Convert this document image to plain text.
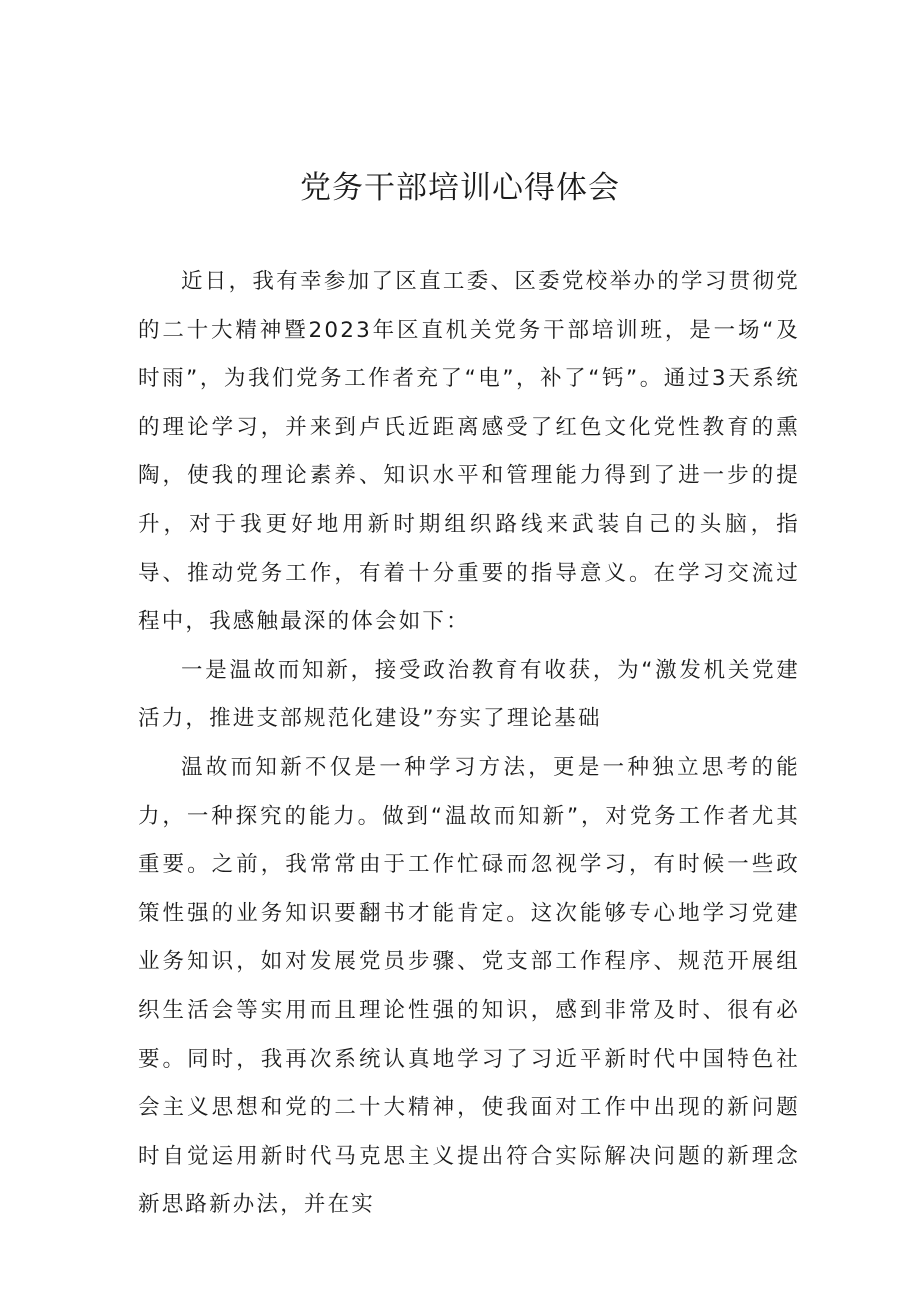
党务干部培训心得体会

近日，我有幸参加了区直工委、区委党校举办的学习贯彻党的二十大精神暨2023年区直机关党务干部培训班，是一场“及时雨”，为我们党务工作者充了“电”，补了“钙”。通过3天系统的理论学习，并来到卢氏近距离感受了红色文化党性教育的熏陶，使我的理论素养、知识水平和管理能力得到了进一步的提升，对于我更好地用新时期组织路线来武装自己的头脑，指导、推动党务工作，有着十分重要的指导意义。在学习交流过程中，我感触最深的体会如下：

一是温故而知新，接受政治教育有收获，为“激发机关党建活力，推进支部规范化建设”夯实了理论基础

温故而知新不仅是一种学习方法，更是一种独立思考的能力，一种探究的能力。做到“温故而知新”，对党务工作者尤其重要。之前，我常常由于工作忙碌而忽视学习，有时候一些政策性强的业务知识要翻书才能肯定。这次能够专心地学习党建业务知识，如对发展党员步骤、党支部工作程序、规范开展组织生活会等实用而且理论性强的知识，感到非常及时、很有必要。同时，我再次系统认真地学习了习近平新时代中国特色社会主义思想和党的二十大精神，使我面对工作中出现的新问题时自觉运用新时代马克思主义提出符合实际解决问题的新理念新思路新办法，并在实
